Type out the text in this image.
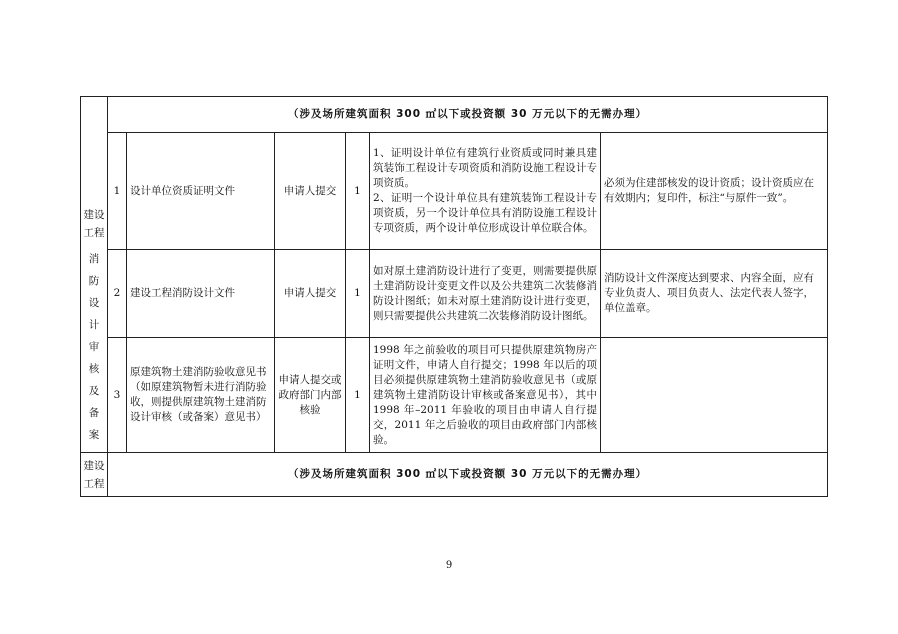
建设工程
消防设计审核及备案	（涉及场所建筑面积 300 ㎡以下或投资额 30 万元以下的无需办理）					
	1	设计单位资质证明文件	申请人提交	1	1、证明设计单位有建筑行业资质或同时兼具建筑装饰工程设计专项资质和消防设施工程设计专项资质。
2、证明一个设计单位具有建筑装饰工程设计专项资质，另一个设计单位具有消防设施工程设计专项资质，两个设计单位形成设计单位联合体。	必须为住建部核发的设计资质；设计资质应在有效期内；复印件，标注“与原件一致”。
	2	建设工程消防设计文件	申请人提交	1	如对原土建消防设计进行了变更，则需要提供原土建消防设计变更文件以及公共建筑二次装修消防设计图纸；如未对原土建消防设计进行变更，则只需要提供公共建筑二次装修消防设计图纸。	消防设计文件深度达到要求、内容全面，应有专业负责人、项目负责人、法定代表人签字，单位盖章。
	3	原建筑物土建消防验收意见书（如原建筑物暂未进行消防验收，则提供原建筑物土建消防设计审核（或备案）意见书）	申请人提交或政府部门内部核验	1	1998 年之前验收的项目可只提供原建筑物房产证明文件，申请人自行提交；1998 年以后的项目必须提供原建筑物土建消防验收意见书（或原建筑物土建消防设计审核或备案意见书），其中 1998 年–2011 年验收的项目由申请人自行提交，2011 年之后验收的项目由政府部门内部核验。	

建设工程	（涉及场所建筑面积 300 ㎡以下或投资额 30 万元以下的无需办理）					
9
